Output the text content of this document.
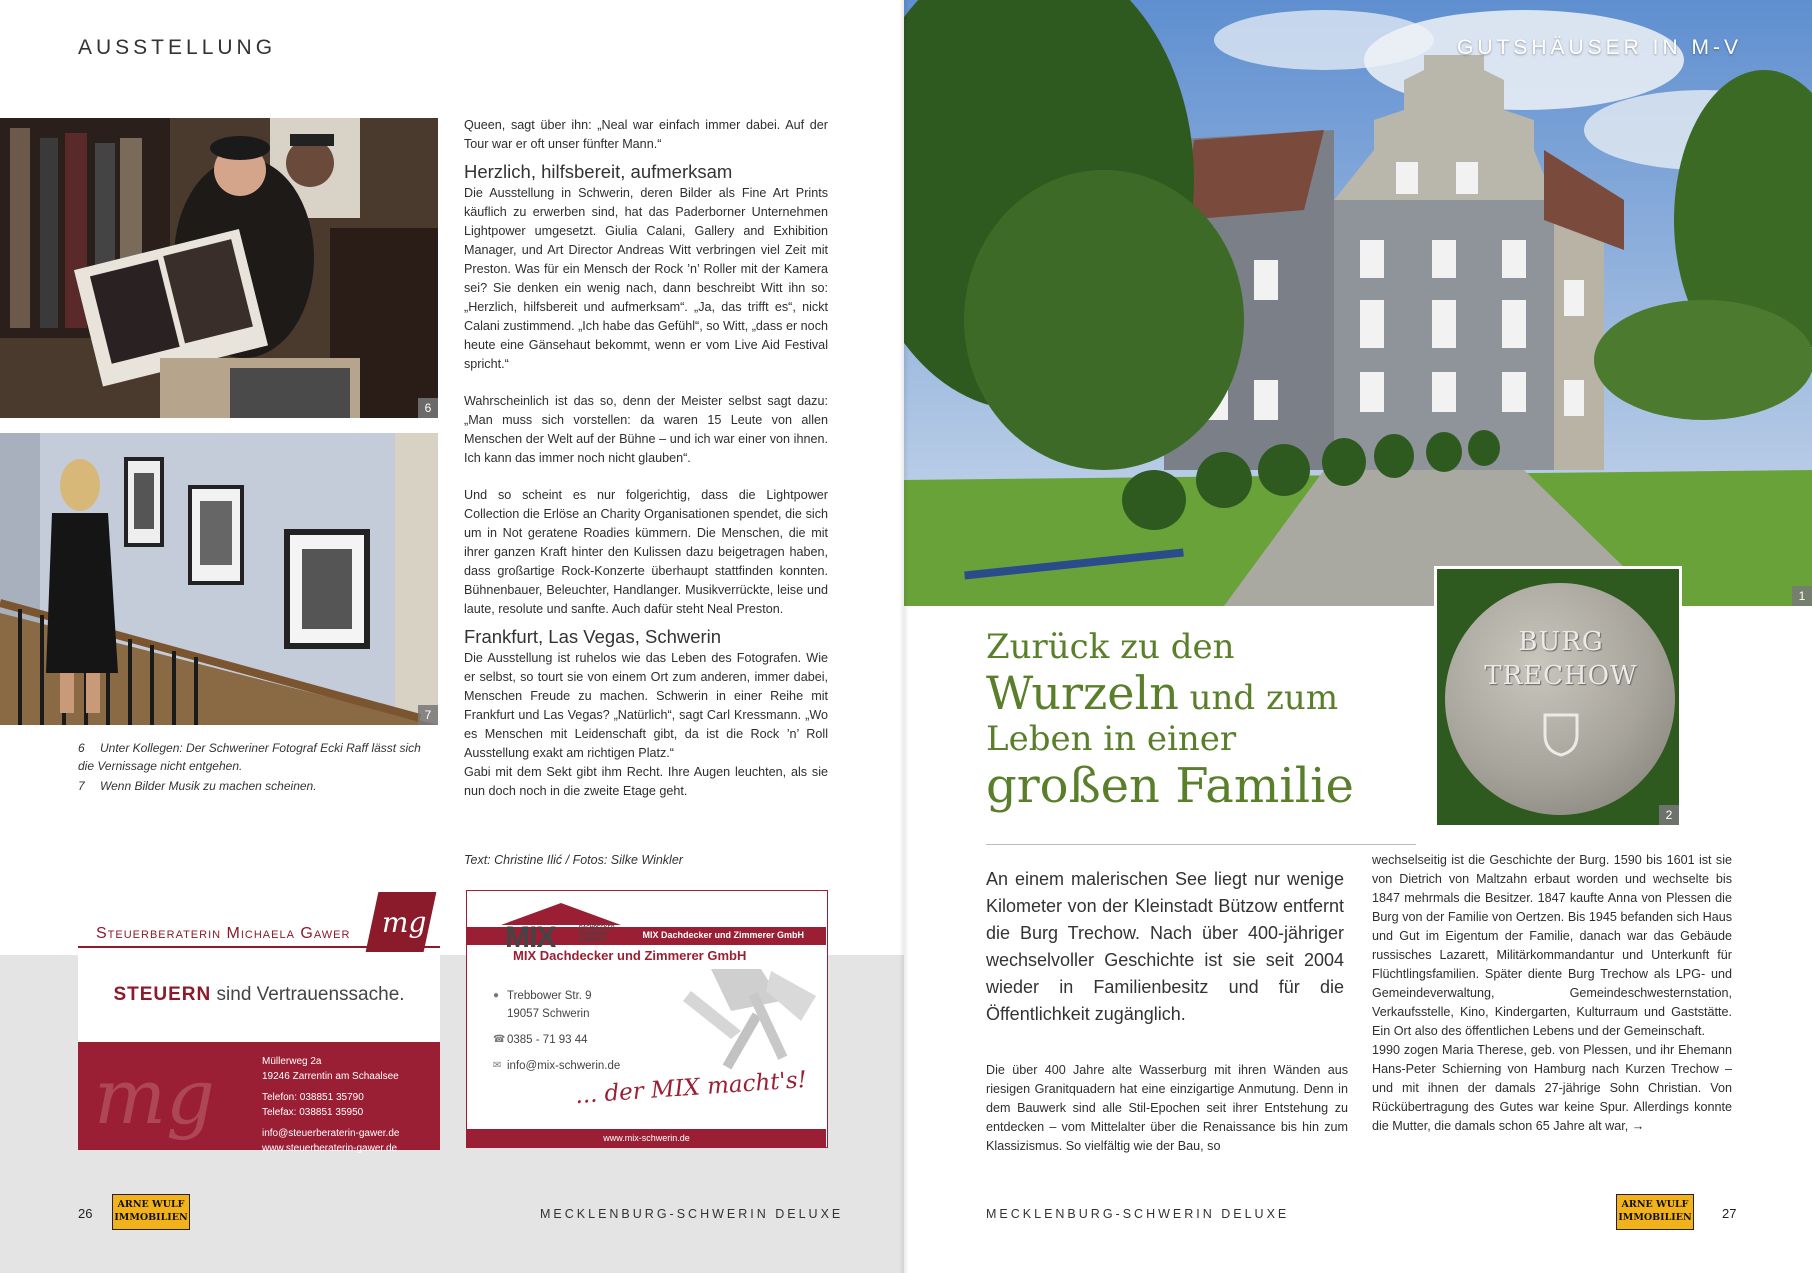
AUSSTELLUNG
6
7
6 Unter Kollegen: Der Schweriner Fotograf Ecki Raff lässt sich die Vernissage nicht entgehen.
7 Wenn Bilder Musik zu machen scheinen.

Queen, sagt über ihn: „Neal war einfach immer dabei. Auf der Tour war er oft unser fünfter Mann.“

Herzlich, hilfsbereit, aufmerksam

Die Ausstellung in Schwerin, deren Bilder als Fine Art Prints käuflich zu erwerben sind, hat das Paderborner Unternehmen Lightpower umgesetzt. Giulia Calani, Gallery and Exhibition Manager, und Art Director Andreas Witt verbringen viel Zeit mit Preston. Was für ein Mensch der Rock ’n’ Roller mit der Kamera sei? Sie denken ein wenig nach, dann beschreibt Witt ihn so: „Herzlich, hilfsbereit und aufmerksam“. „Ja, das trifft es“, nickt Calani zustimmend. „Ich habe das Gefühl“, so Witt, „dass er noch heute eine Gänsehaut bekommt, wenn er vom Live Aid Festival spricht.“

Wahrscheinlich ist das so, denn der Meister selbst sagt dazu: „Man muss sich vorstellen: da waren 15 Leute von allen Menschen der Welt auf der Bühne – und ich war einer von ihnen. Ich kann das immer noch nicht glauben“.

Und so scheint es nur folgerichtig, dass die Lightpower Collection die Erlöse an Charity Organisationen spendet, die sich um in Not geratene Roadies kümmern. Die Menschen, die mit ihrer ganzen Kraft hinter den Kulissen dazu beigetragen haben, dass großartige Rock-Konzerte überhaupt stattfinden konnten. Bühnenbauer, Beleuchter, Handlanger. Musikverrückte, leise und laute, resolute und sanfte. Auch dafür steht Neal Preston.

Frankfurt, Las Vegas, Schwerin

Die Ausstellung ist ruhelos wie das Leben des Fotografen. Wie er selbst, so tourt sie von einem Ort zum anderen, immer dabei, Menschen Freude zu machen. Schwerin in einer Reihe mit Frankfurt und Las Vegas? „Natürlich“, sagt Carl Kressmann. „Wo es Menschen mit Leidenschaft gibt, da ist die Rock ’n’ Roll Ausstellung exakt am richtigen Platz.“

Gabi mit dem Sekt gibt ihm Recht. Ihre Augen leuchten, als sie nun doch noch in die zweite Etage geht.

Text: Christine Ilić / Fotos: Silke Winkler
mg
Steuerberaterin Michaela Gawer
STEUERN sind Vertrauenssache.
mg	Müllerweg 2a
19246 Zarrentin am Schaalsee
Telefon: 038851 35790
Telefax: 038851 35950
info@steuerberaterin-gawer.de
www.steuerberaterin-gawer.de
MIX Dachdecker und Zimmerer GmbH
MIX	DACHDECKER KLEMPNER ZIMMERER
MIX Dachdecker und Zimmerer GmbH
● Trebbower Str. 9
19057 Schwerin
☎ 0385 - 71 93 44
✉ info@mix-schwerin.de
... der MIX macht's!
www.mix-schwerin.de
26
ARNE WULF
IMMOBILIEN	MECKLENBURG-SCHWERIN DELUXE
GUTSHÄUSER IN M-V
1
BURG
TRECHOW
2
Zurück zu den
Wurzeln und zum
Leben in einer
großen Familie
An einem malerischen See liegt nur wenige Kilometer von der Kleinstadt Bützow entfernt die Burg Trechow. Nach über 400-jähriger wechselvoller Geschichte ist sie seit 2004 wieder in Familienbesitz und für die Öffentlichkeit zugänglich.

Die über 400 Jahre alte Wasserburg mit ihren Wänden aus riesigen Granitquadern hat eine einzigartige Anmutung. Denn in dem Bauwerk sind alle Stil-Epochen seit ihrer Entstehung zu entdecken – vom Mittelalter über die Renaissance bis hin zum Klassizismus. So vielfältig wie der Bau, so

wechselseitig ist die Geschichte der Burg. 1590 bis 1601 ist sie von Dietrich von Maltzahn erbaut worden und wechselte bis 1847 mehrmals die Besitzer. 1847 kaufte Anna von Plessen die Burg von der Familie von Oertzen. Bis 1945 befanden sich Haus und Gut im Eigentum der Familie, danach war das Gebäude russisches Lazarett, Militärkommandantur und Unterkunft für Flüchtlingsfamilien. Später diente Burg Trechow als LPG- und Gemeindeverwaltung, Gemeindeschwesternstation, Verkaufsstelle, Kino, Kindergarten, Kulturraum und Gaststätte. Ein Ort also des öffentlichen Lebens und der Gemeinschaft.

1990 zogen Maria Therese, geb. von Plessen, und ihr Ehemann Hans-Peter Schierning von Hamburg nach Kurzen Trechow – und mit ihnen der damals 27-jährige Sohn Christian. Von Rückübertragung des Gutes war keine Spur. Allerdings konnte die Mutter, die damals schon 65 Jahre alt war, →

MECKLENBURG-SCHWERIN DELUXE
ARNE WULF
IMMOBILIEN 27
